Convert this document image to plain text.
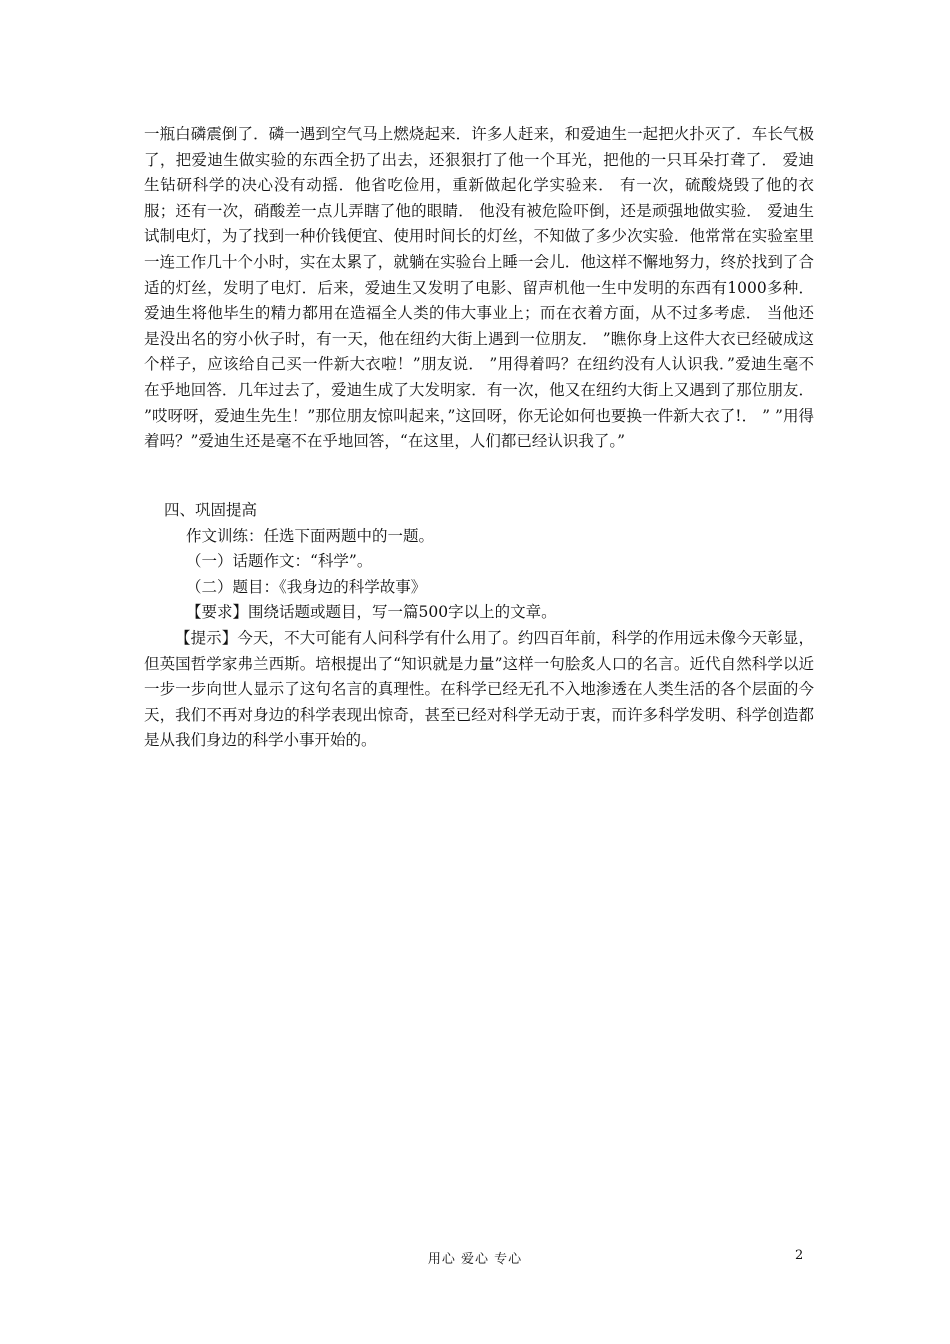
一瓶白磷震倒了．磷一遇到空气马上燃烧起来．许多人赶来，和爱迪生一起把火扑灭了．车长气极了，把爱迪生做实验的东西全扔了出去，还狠狠打了他一个耳光，把他的一只耳朵打聋了． 爱迪生钻研科学的决心没有动摇．他省吃俭用，重新做起化学实验来． 有一次，硫酸烧毁了他的衣服；还有一次，硝酸差一点儿弄瞎了他的眼睛． 他没有被危险吓倒，还是顽强地做实验． 爱迪生试制电灯，为了找到一种价钱便宜、使用时间长的灯丝，不知做了多少次实验．他常常在实验室里一连工作几十个小时，实在太累了，就躺在实验台上睡一会儿．他这样不懈地努力，终於找到了合适的灯丝，发明了电灯．后来，爱迪生又发明了电影、留声机他一生中发明的东西有1000多种． 爱迪生将他毕生的精力都用在造福全人类的伟大事业上；而在衣着方面，从不过多考虑． 当他还是没出名的穷小伙子时，有一天，他在纽约大街上遇到一位朋友． ”瞧你身上这件大衣已经破成这个样子，应该给自己买一件新大衣啦！”朋友说． ”用得着吗？在纽约没有人认识我．”爱迪生毫不在乎地回答．几年过去了，爱迪生成了大发明家．有一次，他又在纽约大街上又遇到了那位朋友． ”哎呀呀，爱迪生先生！”那位朋友惊叫起来，”这回呀，你无论如何也要换一件新大衣了!． ” ”用得着吗？”爱迪生还是毫不在乎地回答，“在这里，人们都已经认识我了。”

四、巩固提高

作文训练：任选下面两题中的一题。

（一）话题作文：“科学”。

（二）题目：《我身边的科学故事》

【要求】围绕话题或题目，写一篇500字以上的文章。

【提示】今天，不大可能有人问科学有什么用了。约四百年前，科学的作用远未像今天彰显，但英国哲学家弗兰西斯。培根提出了“知识就是力量”这样一句脍炙人口的名言。近代自然科学以近一步一步向世人显示了这句名言的真理性。在科学已经无孔不入地渗透在人类生活的各个层面的今天，我们不再对身边的科学表现出惊奇，甚至已经对科学无动于衷，而许多科学发明、科学创造都是从我们身边的科学小事开始的。

用心 爱心 专心	2
